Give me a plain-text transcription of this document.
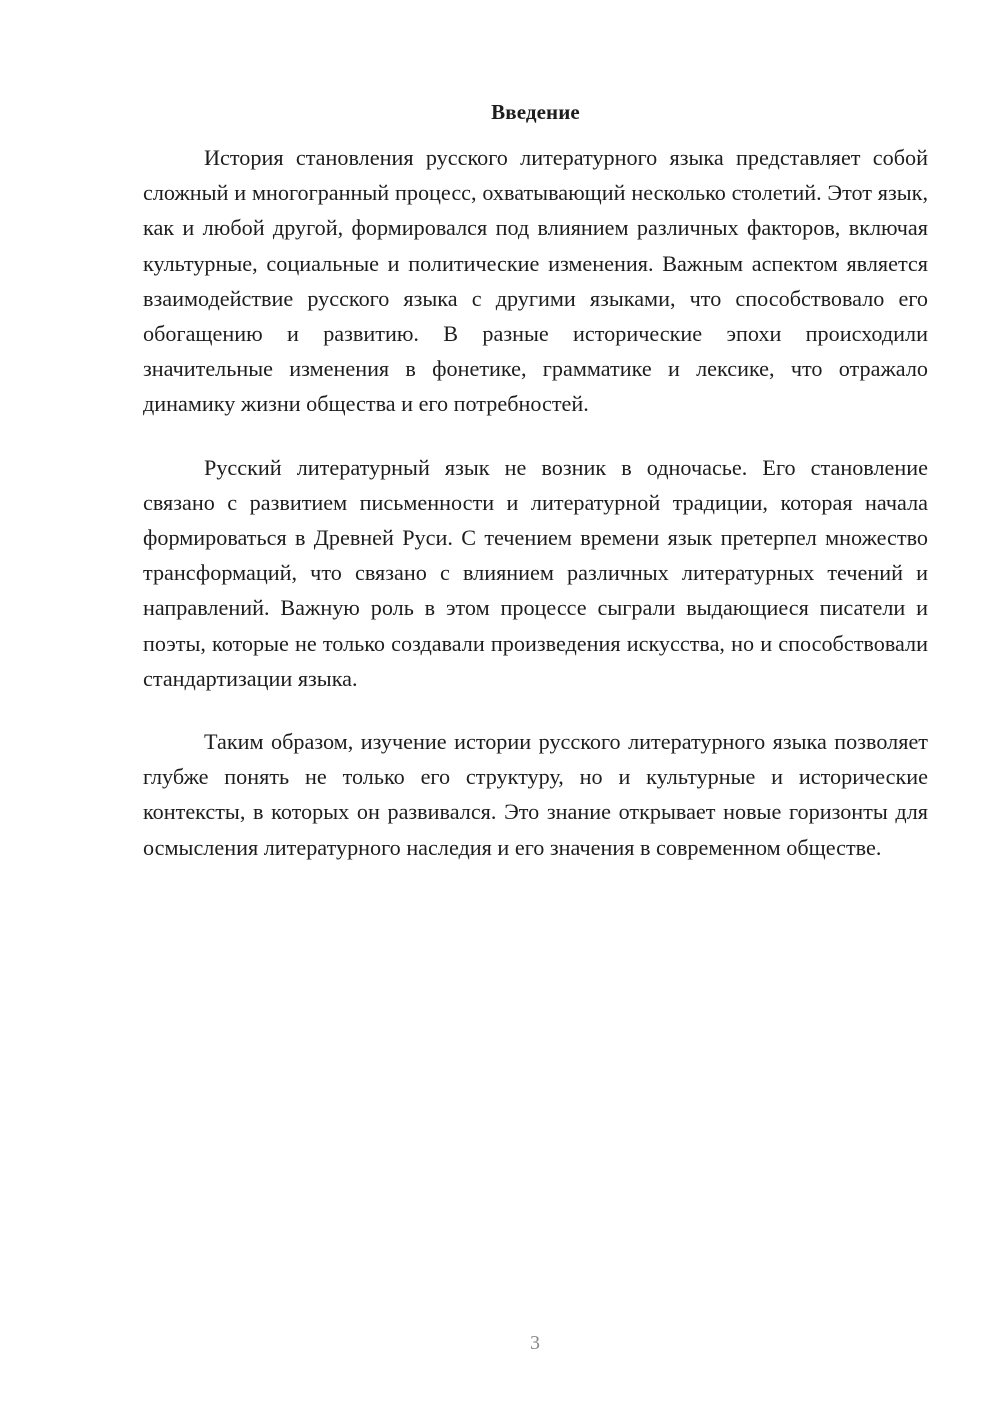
Введение

История становления русского литературного языка представляет собой сложный и многогранный процесс, охватывающий несколько столетий. Этот язык, как и любой другой, формировался под влиянием различных факторов, включая культурные, социальные и политические изменения. Важным аспектом является взаимодействие русского языка с другими языками, что способствовало его обогащению и развитию. В разные исторические эпохи происходили значительные изменения в фонетике, грамматике и лексике, что отражало динамику жизни общества и его потребностей.

Русский литературный язык не возник в одночасье. Его становление связано с развитием письменности и литературной традиции, которая начала формироваться в Древней Руси. С течением времени язык претерпел множество трансформаций, что связано с влиянием различных литературных течений и направлений. Важную роль в этом процессе сыграли выдающиеся писатели и поэты, которые не только создавали произведения искусства, но и способствовали стандартизации языка.

Таким образом, изучение истории русского литературного языка позволяет глубже понять не только его структуру, но и культурные и исторические контексты, в которых он развивался. Это знание открывает новые горизонты для осмысления литературного наследия и его значения в современном обществе.

3
